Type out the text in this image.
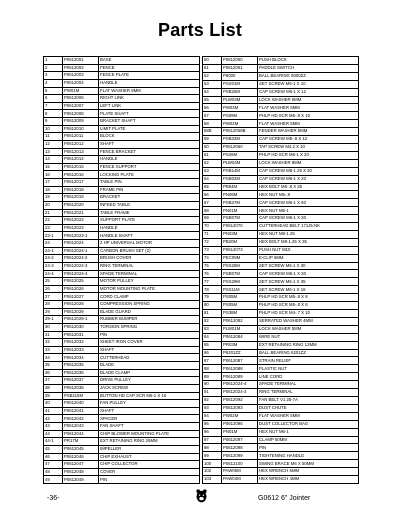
Parts List
1	P0612001	BASE
2	P0612002	FENCE
3	P0612003	FENCE PLATE
4	P0612004	HANDLE
5	PW01M	FLAT WASHER 8MM
6	P0612006	RIGHT LINK
7	P0612007	LEFT LINK
8	P0612008	PLATE SHAFT
9	P0612009	BRACKET SHAFT
10	P0612010	LIMIT PLATE
11	P0612011	BLOCK
12	P0612012	SHAFT
13	P0612013	FENCE BRACKET
14	P0612014	HANDLE
15	P0612015	FENCE SUPPORT
16	P0612016	LOCKING PLATE
17	P0612017	TABLE PIN
18	P0612018	FRAME PIN
19	P0612019	BRACKET
20	P0612020	INFEED TABLE
21	P0612021	TABLE FRAME
22	P0612022	SUPPORT PLATE
23	P0612023	HANDLE
23-1	P0612023-1	HANDLE SHAFT
24	P0612024	2 HP UNIVERSAL MOTOR
24-1	P0612024-1	CARBON BRUSH SET (2)
24-2	P0612024-2	BRUSH COVER
24-3	P0612024-3	RING TERMINAL
24-4	P0612024-4	SPADE TERMINAL
25	P0612025	MOTOR PULLEY
26	P0612026	MOTOR MOUNTING PLATE
27	P0612027	CORD CLAMP
28	P0612028	COMPRESSION SPRING
29	P0612029	BLADE GUARD
29-1	P0612029-1	RUBBER BUMPER
30	P0612030	TORSION SPRING
31	P0612031	PIN
32	P0612032	SHEET IRON COVER
33	P0612033	SHAFT
34	P0612034	CUTTERHEAD
35	P0612035	BLADE
36	P0612036	BLADE CLAMP
37	P0612037	DRIVE PULLEY
38	P0612038	JACK SCREW
39	PSB115M	BUTTON HD CAP SCR M6-1 X 16
40	P0612040	FAN PULLEY
41	P0612041	SHAFT
42	P0612042	SPACER
43	P0612043	FAN SHAFT
44	P0612044	CHIP BLOWER MOUNTING PLATE
44-1	PR17M	EXT RETAINING RING 26MM
45	P0612045	IMPELLER
46	P0612046	CHIP EXHAUST
47	P0612047	CHIP COLLECTOR
48	P0612048	COVER
49	P0612049	PIN
50	P0612050	PUSH BLOCK
51	P0612051	PADDLE SWITCH
52	P6000	BALL BEARING 6000ZZ
53	PSS01M	SET SCREW M6-1 X 10
54	PSB26M	CAP SCREW M6-1 X 12
55	PLW03M	LOCK WASHER 6MM
56	PW03M	FLAT WASHER 6MM
57	PS09M	PHLP HD SCR M5-.8 X 10
58	PW02M	FLAT WASHER 5MM
58B	P0612058B	FENDER WASHER 5MM
59	PSB33M	CAP SCREW M5-.8 X 12
60	P0612060	TAP SCREW M4.2 X 10
61	PS26M	PHLP HD SCR M6-1 X 20
62	PLW04M	LOCK WASHER 8MM
63	PSB14M	CAP SCREW M8-1.25 X 20
64	PSB02M	CAP SCREW M6-1 X 20
65	PB94M	HEX BOLT M5-.8 X 25
66	PN06M	HEX NUT M5-.8
67	PSB37M	CAP SCREW M6-1 X 50
68	PN01M	HEX NUT M6-1
69	PSB07M	CAP SCREW M6-1 X 30
70	P0612070	CUTTERHEAD BELT 171J5 NK
71	PN03M	HEX NUT M8-1.25
72	PB20M	HEX BOLT M8-1.25 X 35
73	P0612073	PUSH NUT M10
74	PEC09M	E-CLIP 6MM
75	PSS28M	SET SCREW M6-1 X 30
76	PSB07M	CAP SCREW M6-1 X 30
77	PSS29M	SET SCREW M6-1 X 35
78	PSS11M	SET SCREW M6-1 X 16
79	PS05M	PHLP HD SCR M5-.8 X 8
80	PS05M	PHLP HD SCR M5-.8 X 8
81	PS38M	PHLP HD SCR M4-.7 X 10
82	P0612082	SERRATED WASHER 4MM
83	PLW01M	LOCK WASHER 5MM
84	P0612084	WIRE NUT
85	PR03M	EXT RETAINING RING 12MM
86	P6201ZZ	BALL BEARING 6201ZZ
87	P0612087	STRAIN RELIEF
88	P0612088	PLASTIC NUT
89	P0612089	LINE CORD
90	P0612024-4	SPADE TERMINAL
91	P0612024-3	RING TERMINAL
92	P0612092	FAN BELT V1 25-7A
93	P0612093	DUST CHUTE
94	PW02M	FLAT WASHER 5MM
95	P0612095	DUST COLLECTOR BAG
96	PN01M	HEX NUT M6-1
97	P0612097	CLAMP 60MM
98	P0612098	PIN
99	P0612099	TIGHTENING HANDLE
100	P0612100	SWING BRACE M6 X 50MM
102	PAW06M	HEX WRENCH 6MM
103	PAW04M	HEX WRENCH 4MM
-36-	G0612 6" Jointer
